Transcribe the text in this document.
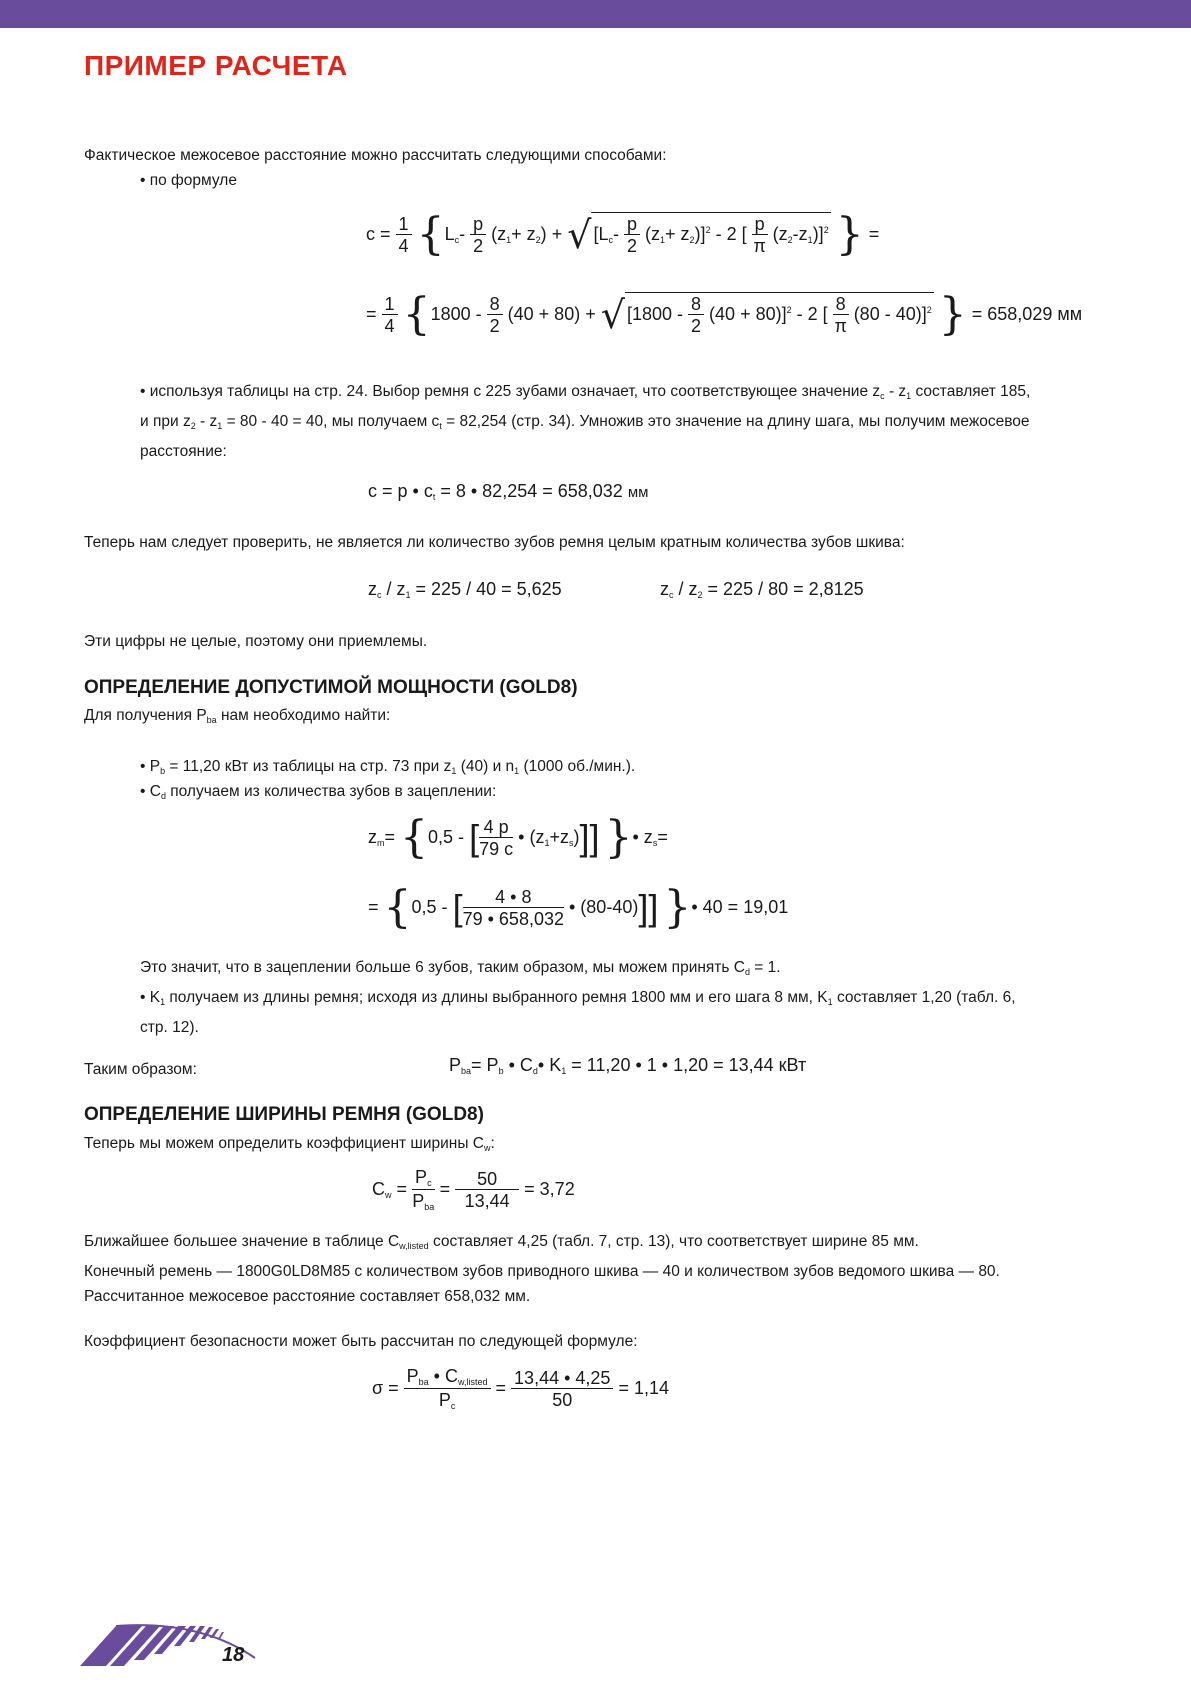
ПРИМЕР РАСЧЕТА

Фактическое межосевое расстояние можно рассчитать следующими способами:

• по формуле

$c = \frac{1}{4} \{L_c- \frac{p}{2} (z_1+ z_2)$ + √ $[L_c- \frac{p}{2} (z_1+ z_2)]^2 - 2$ [ $\frac{p}{\pi} (z_2-z_1)]^2$ } =
= $\frac{1}{4} \{1800 - \frac{8}{2} (40 + 80)$ + √ $[1800 - \frac{8}{2} (40 + 80)]^2 - 2$ [ $\frac{8}{\pi} (80 - 40)]^2$ } = 658,029 мм

• используя таблицы на стр. 24. Выбор ремня с 225 зубами означает, что соответствующее значение $z_c - z_1$ составляет 185,
и при $z_2 - z_1 = 80 - 40 = 40$, мы получаем $c_t = 82,254$ (стр. 34). Умножив это значение на длину шага, мы получим межосевое
расстояние:

c = p • $c_t = 8$ • 82,254 = 658,032 мм

Теперь нам следует проверить, не является ли количество зубов ремня целым кратным количества зубов шкива:

$z_c / z_1 = 225 / 40 = 5,625$	$z_c / z_2 = 225 / 80 = 2,8125$

Эти цифры не целые, поэтому они приемлемы.

ОПРЕДЕЛЕНИЕ ДОПУСТИМОЙ МОЩНОСТИ (GOLD8)

Для получения $P_{ba}$ нам необходимо найти:

• $P_b = 11,20$ кВт из таблицы на стр. 73 при $z_1$ (40) и $n_1$ (1000 об./мин.).

• $C_d$ получаем из количества зубов в зацеплении:

$z_m= \{0,5$ - [ $\frac{4 p}{79 c}$ • $(z_1+z_s)$]] }• $z_s=$
= {0,5 - [ $\frac{4 • 8}{79 • 658,032}$ • (80-40)]] }• 40 = 19,01

Это значит, что в зацеплении больше 6 зубов, таким образом, мы можем принять $C_d = 1$.
• $K_1$ получаем из длины ремня; исходя из длины выбранного ремня 1800 мм и его шага 8 мм, $K_1$ составляет 1,20 (табл. 6,
стр. 12).

Таким образом:	$P_{ba}= P_b$ • $C_d•$ $K_1 = 11,20$ • 1 • 1,20 = 13,44 кВт
ОПРЕДЕЛЕНИЕ ШИРИНЫ РЕМНЯ (GOLD8)

Теперь мы можем определить коэффициент ширины $C_w$:

$C_w = \frac{P_c}{P_{ba}} = \frac{50}{13,44} = 3,72$

Ближайшее большее значение в таблице $C_{w,listed}$ составляет 4,25 (табл. 7, стр. 13), что соответствует ширине 85 мм.
Конечный ремень — 1800G0LD8M85 с количеством зубов приводного шкива — 40 и количеством зубов ведомого шкива — 80.
Рассчитанное межосевое расстояние составляет 658,032 мм.

Коэффициент безопасности может быть рассчитан по следующей формуле:

$\sigma = \frac{P_{ba} • C_{w,listed}}{P_c} = \frac{13,44 • 4,25}{50} = 1,14$
18
